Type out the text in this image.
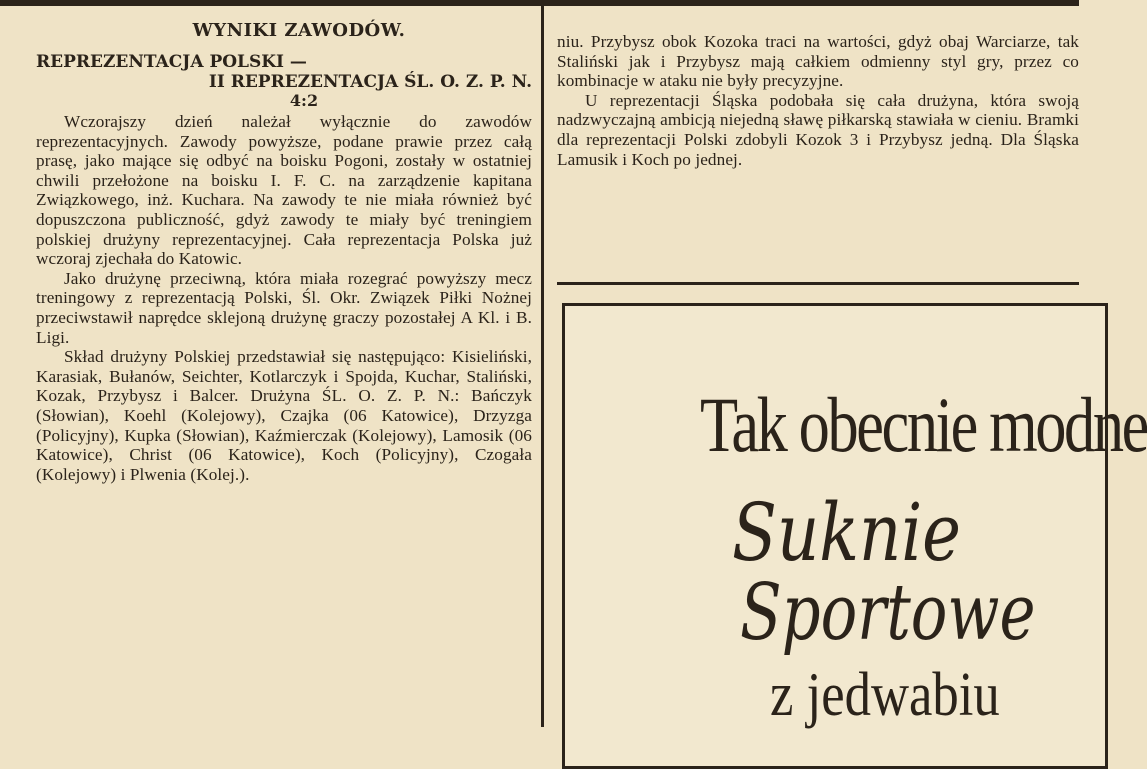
WYNIKI ZAWODÓW.

REPREZENTACJA POLSKI —

II REPREZENTACJA ŚL. O. Z. P. N.

4:2

Wczorajszy dzień należał wyłącznie do zawodów reprezentacyjnych. Zawody powyższe, podane prawie przez całą prasę, jako mające się odbyć na boisku Pogoni, zostały w ostatniej chwili przełożone na boisku I. F. C. na zarządzenie kapitana Związkowego, inż. Kuchara. Na zawody te nie miała również być dopuszczona publiczność, gdyż zawody te miały być treningiem polskiej drużyny reprezentacyjnej. Cała reprezentacja Polska już wczoraj zjechała do Katowic.

Jako drużynę przeciwną, która miała rozegrać powyższy mecz treningowy z reprezentacją Polski, Śl. Okr. Związek Piłki Nożnej przeciwstawił naprędce sklejoną drużynę graczy pozostałej A Kl. i B. Ligi.

Skład drużyny Polskiej przedstawiał się następująco: Kisieliński, Karasiak, Bułanów, Seichter, Kotlarczyk i Spojda, Kuchar, Staliński, Kozak, Przybysz i Balcer. Drużyna ŚL. O. Z. P. N.: Bańczyk (Słowian), Koehl (Kolejowy), Czajka (06 Katowice), Drzyzga (Policyjny), Kupka (Słowian), Kaźmierczak (Kolejowy), Lamosik (06 Katowice), Christ (06 Katowice), Koch (Policyjny), Czogała (Kolejowy) i Plwenia (Kolej.).

niu. Przybysz obok Kozoka traci na wartości, gdyż obaj Warciarze, tak Staliński jak i Przybysz mają całkiem odmienny styl gry, przez co kombinacje w ataku nie były precyzyjne.

U reprezentacji Śląska podobała się cała drużyna, która swoją nadzwyczajną ambicją niejedną sławę piłkarską stawiała w cieniu. Bramki dla reprezentacji Polski zdobyli Kozok 3 i Przybysz jedną. Dla Śląska Lamusik i Koch po jednej.

Tak obecnie modne
Suknie
Sportowe
z jedwabiu
